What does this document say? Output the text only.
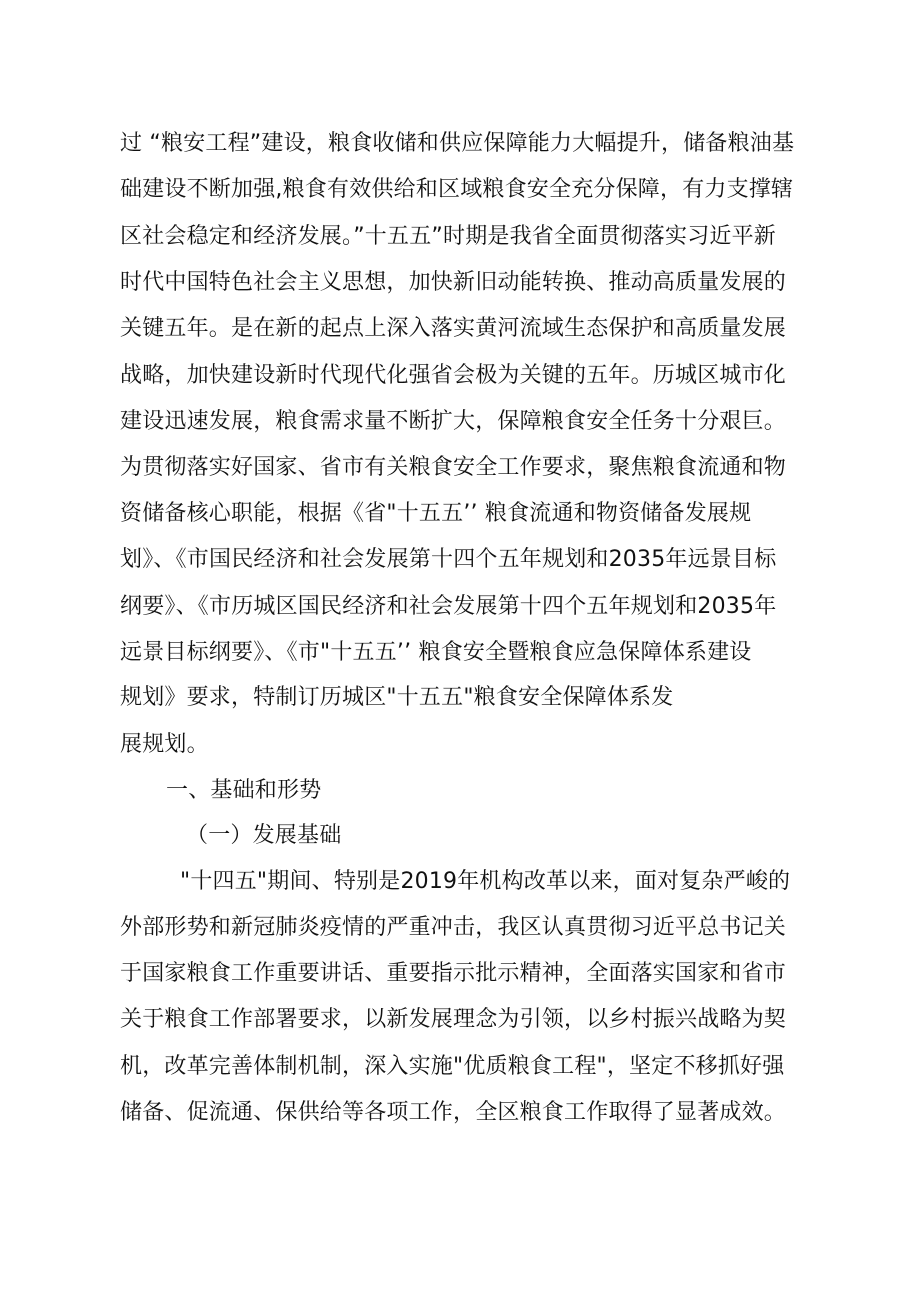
过 “粮安工程”建设，粮食收储和供应保障能力大幅提升，储备粮油基
础建设不断加强,粮食有效供给和区域粮食安全充分保障，有力支撑辖
区社会稳定和经济发展。”十五五”时期是我省全面贯彻落实习近平新
时代中国特色社会主义思想，加快新旧动能转换、推动高质量发展的
关键五年。是在新的起点上深入落实黄河流域生态保护和高质量发展
战略，加快建设新时代现代化强省会极为关键的五年。历城区城市化
建设迅速发展，粮食需求量不断扩大，保障粮食安全任务十分艰巨。
为贯彻落实好国家、省市有关粮食安全工作要求，聚焦粮食流通和物
资储备核心职能，根据《省"十五五’’ 粮食流通和物资储备发展规
划》、《市国民经济和社会发展第十四个五年规划和2035年远景目标
纲要》、《市历城区国民经济和社会发展第十四个五年规划和2035年
远景目标纲要》、《市"十五五’’ 粮食安全暨粮食应急保障体系建设
规划》要求，特制订历城区"十五五"粮食安全保障体系发
展规划。
一、基础和形势
（一）发展基础
"十四五"期间、特别是2019年机构改革以来，面对复杂严峻的
外部形势和新冠肺炎疫情的严重冲击，我区认真贯彻习近平总书记关
于国家粮食工作重要讲话、重要指示批示精神，全面落实国家和省市
关于粮食工作部署要求，以新发展理念为引领，以乡村振兴战略为契
机，改革完善体制机制，深入实施"优质粮食工程"，坚定不移抓好强
储备、促流通、保供给等各项工作，全区粮食工作取得了显著成效。
